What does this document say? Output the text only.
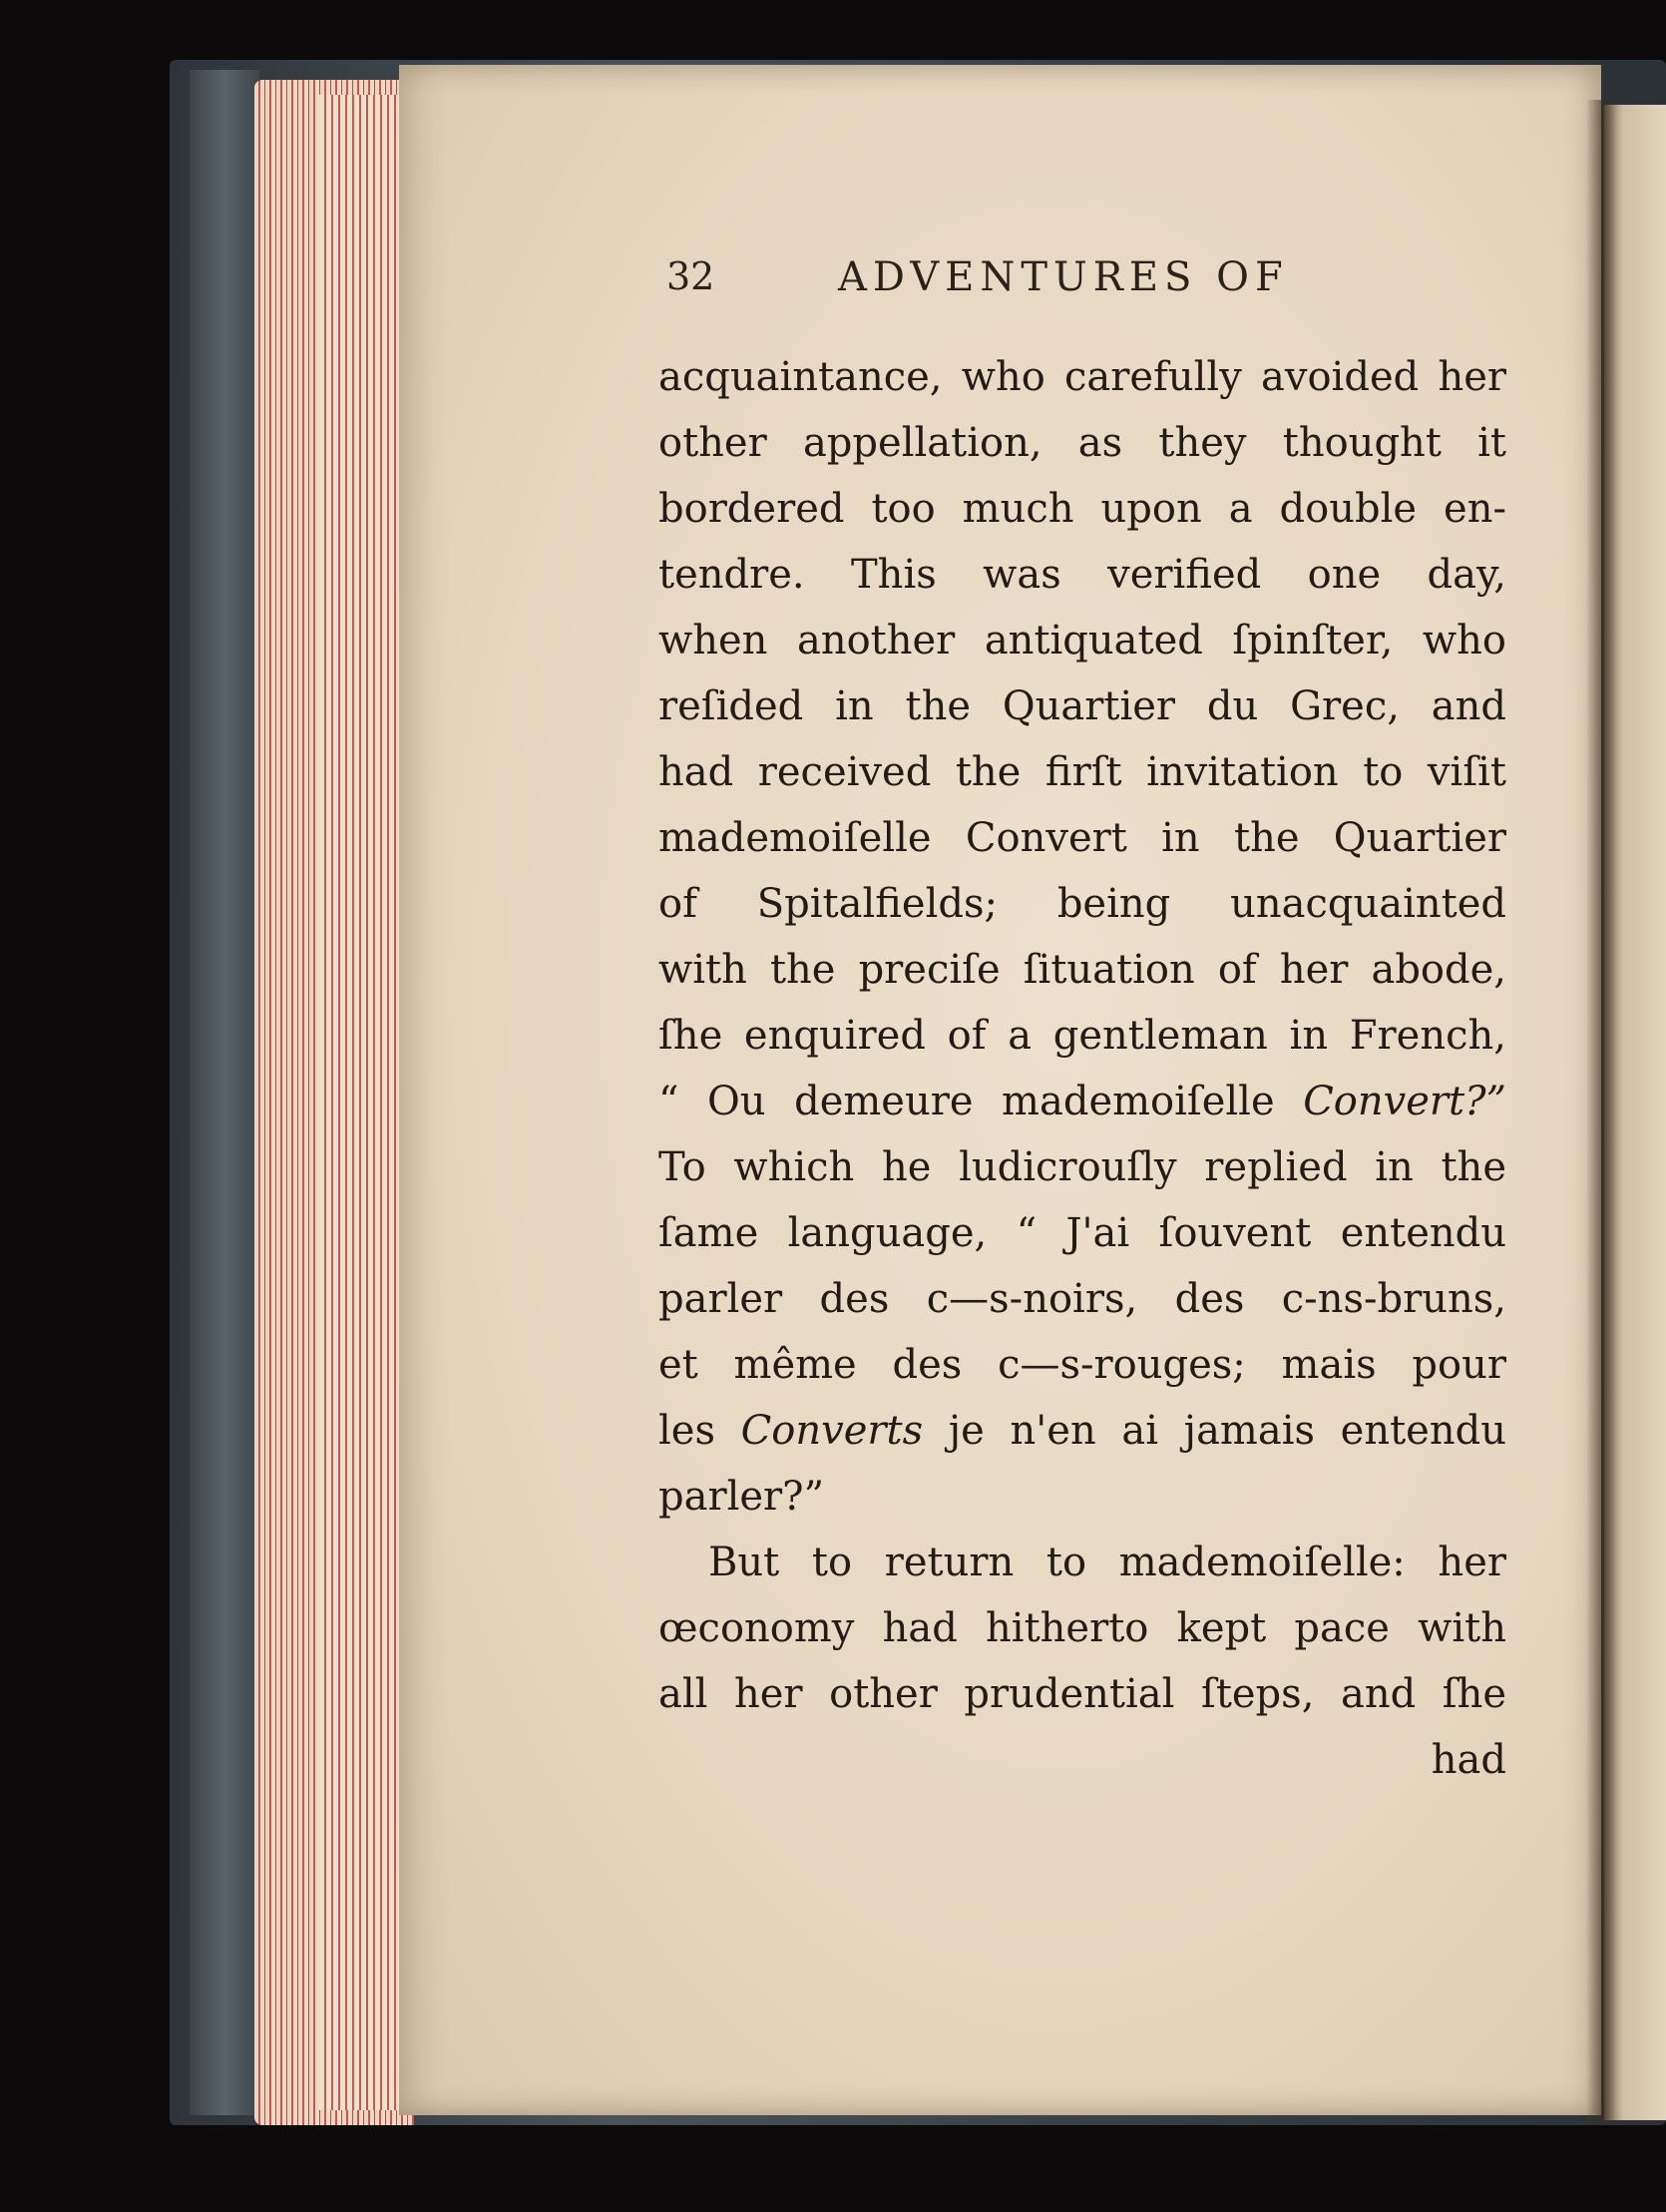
32	ADVENTURES OF
acquaintance, who carefully avoided her
other appellation, as they thought it
bordered too much upon a double en-
tendre. This was verified one day,
when another antiquated ſpinſter, who
reſided in the Quartier du Grec, and
had received the firſt invitation to viſit
mademoiſelle Convert in the Quartier
of Spitalfields; being unacquainted
with the preciſe ſituation of her abode,
ſhe enquired of a gentleman in French,
“ Ou demeure mademoiſelle Convert?”
To which he ludicrouſly replied in the
ſame language, “ J'ai ſouvent entendu
parler des c—s-noirs, des c-ns-bruns,
et même des c—s-rouges; mais pour
les Converts je n'en ai jamais entendu
parler?”
But to return to mademoiſelle: her
œconomy had hitherto kept pace with
all her other prudential ſteps, and ſhe
had
